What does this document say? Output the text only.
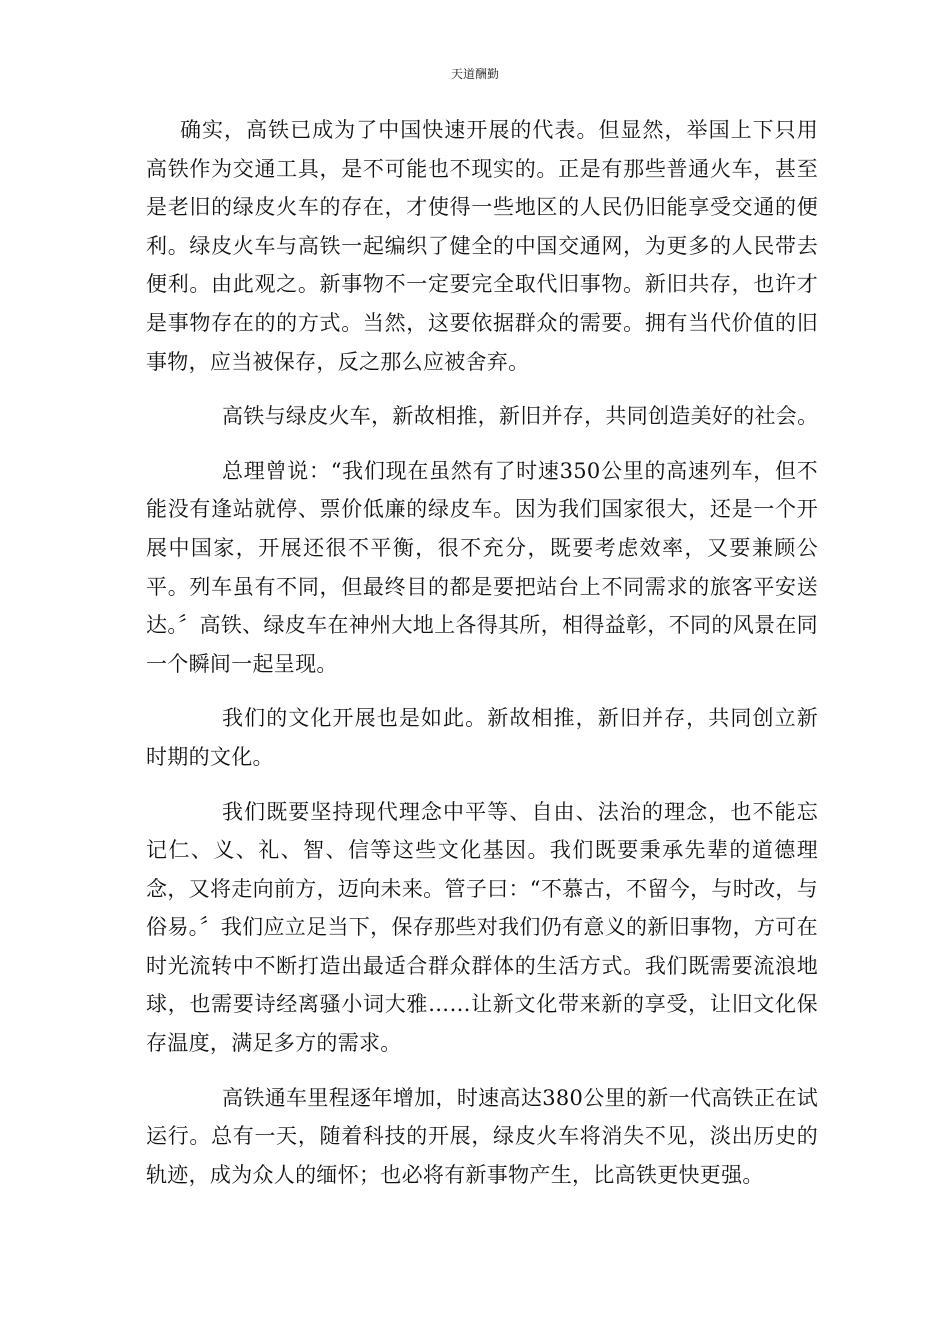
天道酬勤

确实，高铁已成为了中国快速开展的代表。但显然，举国上下只用高铁作为交通工具，是不可能也不现实的。正是有那些普通火车，甚至是老旧的绿皮火车的存在，才使得一些地区的人民仍旧能享受交通的便利。绿皮火车与高铁一起编织了健全的中国交通网，为更多的人民带去便利。由此观之。新事物不一定要完全取代旧事物。新旧共存，也许才是事物存在的的方式。当然，这要依据群众的需要。拥有当代价值的旧事物，应当被保存，反之那么应被舍弃。

高铁与绿皮火车，新故相推，新旧并存，共同创造美好的社会。

总理曾说：“我们现在虽然有了时速350公里的高速列车，但不能没有逢站就停、票价低廉的绿皮车。因为我们国家很大，还是一个开展中国家，开展还很不平衡，很不充分，既要考虑效率，又要兼顾公平。列车虽有不同，但最终目的都是要把站台上不同需求的旅客平安送达。〞高铁、绿皮车在神州大地上各得其所，相得益彰，不同的风景在同一个瞬间一起呈现。

我们的文化开展也是如此。新故相推，新旧并存，共同创立新时期的文化。

我们既要坚持现代理念中平等、自由、法治的理念，也不能忘记仁、义、礼、智、信等这些文化基因。我们既要秉承先辈的道德理念，又将走向前方，迈向未来。管子曰：“不慕古，不留今，与时改，与俗易。〞我们应立足当下，保存那些对我们仍有意义的新旧事物，方可在时光流转中不断打造出最适合群众群体的生活方式。我们既需要流浪地球，也需要诗经离骚小词大雅……让新文化带来新的享受，让旧文化保存温度，满足多方的需求。

高铁通车里程逐年增加，时速高达380公里的新一代高铁正在试运行。总有一天，随着科技的开展，绿皮火车将消失不见，淡出历史的轨迹，成为众人的缅怀；也必将有新事物产生，比高铁更快更强。
